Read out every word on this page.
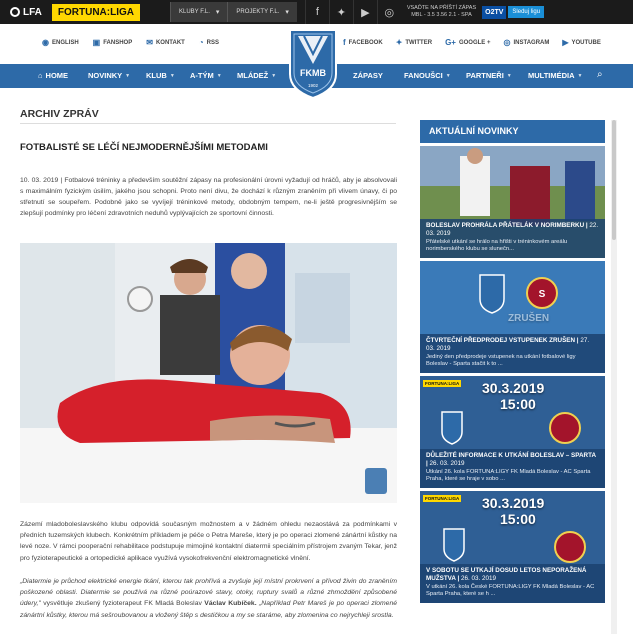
LFA	FORTUNA:LIGA	KLUBY F.L. ▾	PROJEKTY F.L. ▾	f	✦	▶	◎	VSAĎTE NA PŘÍŠTÍ ZÁPAS
MBL - 3.5 3.56 2.1 - SPA	O2TV	Sleduj ligu
◉ ENGLISH ▣ FANSHOP ✉ KONTAKT ◔ RSS	f FACEBOOK ✦ TWITTER G+ GOOGLE + ◎ INSTAGRAM ▶ YOUTUBE
⌂ HOME	NOVINKY ▼ KLUB ▼ A-TÝM ▼ MLÁDEŽ ▼	ZÁPASY	FANOUŠCI ▼ PARTNEŘI ▼ MULTIMÉDIA ▼ ⌕
FKMB
1902
ARCHIV ZPRÁV
FOTBALISTÉ SE LÉČÍ NEJMODERNĚJŠÍMI METODAMI
10. 03. 2019 | Fotbalové tréninky a především soutěžní zápasy na profesionální úrovni vyžadují od hráčů, aby je absolvovali s maximálním fyzickým úsilím, jakého jsou schopni. Proto není divu, že dochází k různým zraněním při vlivem únavy, či po střetnutí se soupeřem. Podobně jako se vyvíjejí tréninkové metody, obdobným tempem, ne-li ještě progresivnějším se zlepšují podmínky pro léčení zdravotních neduhů vyplývajících ze sportovní činnosti.
Zázemí mladoboleslavského klubu odpovídá současným možnostem a v žádném ohledu nezaostává za podmínkami v předních tuzemských klubech. Konkrétním příkladem je péče o Petra Mareše, který je po operaci zlomené zánártní kůstky na levé noze. V rámci pooperační rehabilitace podstupuje mimojiné kontaktní diatermii speciálním přístrojem zvaným Tekar, jenž pro fyzioterapeutické a ortopedické aplikace využívá vysokofrekvenční elektromagnetické vlnění.
„Diatermie je průchod elektrické energie tkání, kterou tak prohřívá a zvyšuje její místní prokrvení a přívod živin do zraněním poškozené oblasti. Diatermie se používá na různé poúrazové stavy, otoky, ruptury svalů a různé zhmoždění způsobené údery," vysvětluje zkušený fyzioterapeut FK Mladá Boleslav Václav Kubíček. „Například Petr Mareš je po operaci zlomené zánártní kůstky, kterou má sešroubovanou a vložený štěp s destičkou a my se staráme, aby zlomenina co nejrychleji srostla.
AKTUÁLNÍ NOVINKY
BOLESLAV PROHRÁLA PŘÁTELÁK V NORIMBERKU | 22. 03. 2019
Přátelské utkání se hrálo na hřišti v tréninkovém areálu norimberského klubu se slunečn...
S
ZRUŠEN
ČTVRTEČNÍ PŘEDPRODEJ VSTUPENEK ZRUŠEN | 27. 03. 2019
Jediný den předprodeje vstupenek na utkání fotbalové ligy Boleslav - Sparta stačit k to ...
FORTUNA:LIGA 30.3.2019
15:00
DŮLEŽITÉ INFORMACE K UTKÁNÍ BOLESLAV – SPARTA | 26. 03. 2019
Utkání 26. kola FORTUNA:LIGY FK Mladá Boleslav - AC Sparta Praha, které se hraje v sobo ...
FORTUNA:LIGA 30.3.2019
15:00
V SOBOTU SE UTKAJÍ DOSUD LETOS NEPORAŽENÁ MUŽSTVA | 26. 03. 2019
V utkání 26. kola České FORTUNA:LIGY FK Mladá Boleslav - AC Sparta Praha, které se h ...
